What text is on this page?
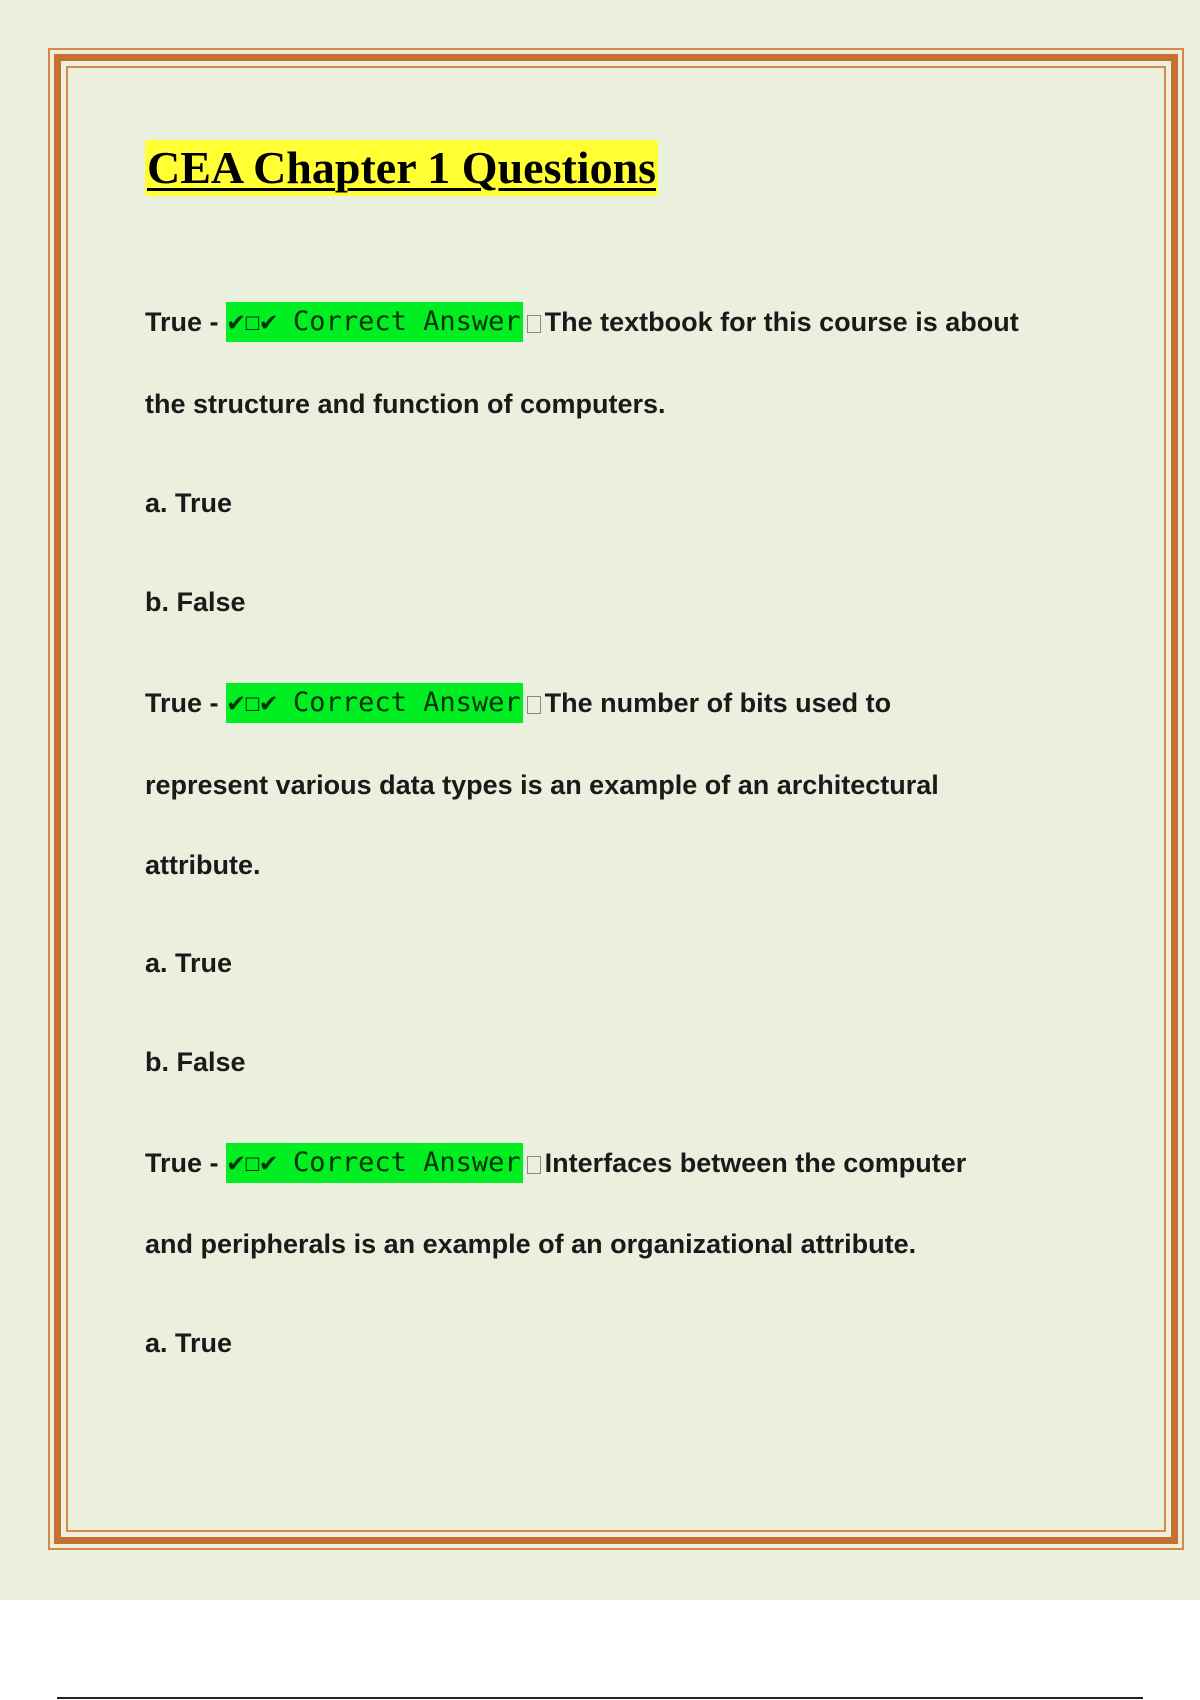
CEA Chapter 1 Questions
True - ✔☐✔ Correct Answer The textbook for this course is about
the structure and function of computers.
a. True
b. False
True - ✔☐✔ Correct Answer The number of bits used to
represent various data types is an example of an architectural
attribute.
a. True
b. False
True - ✔☐✔ Correct Answer Interfaces between the computer
and peripherals is an example of an organizational attribute.
a. True
